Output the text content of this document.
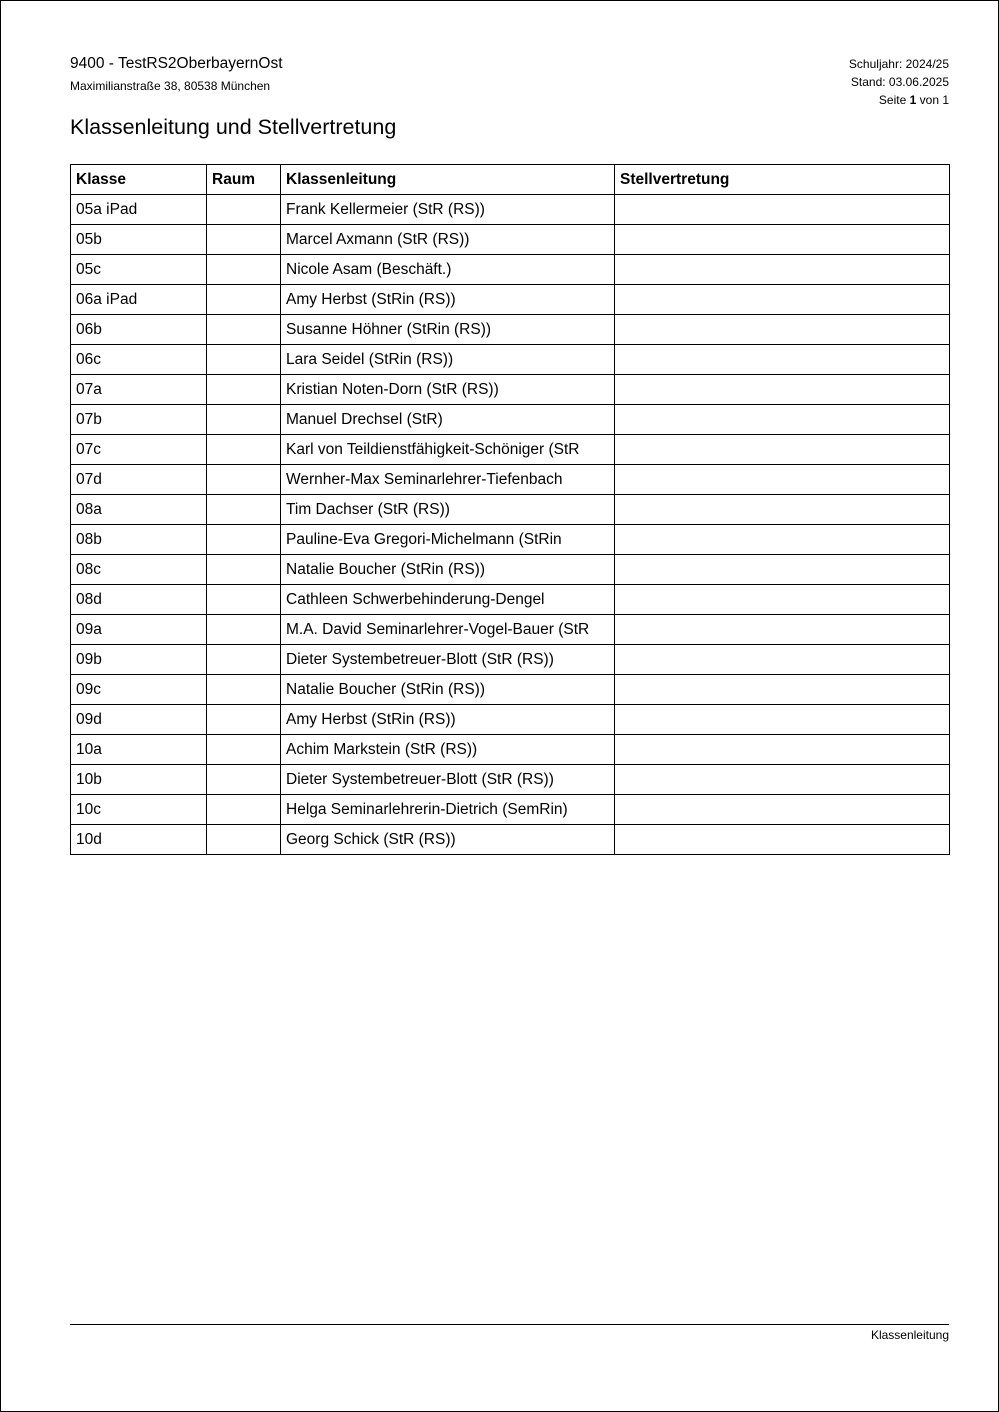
9400 - TestRS2OberbayernOst
Maximilianstraße 38, 80538 München
Schuljahr: 2024/25
Stand: 03.06.2025
Seite 1 von 1
Klassenleitung und Stellvertretung
Klasse	Raum	Klassenleitung	Stellvertretung
05a iPad		Frank Kellermeier (StR (RS))	
05b		Marcel Axmann (StR (RS))	
05c		Nicole Asam (Beschäft.)	
06a iPad		Amy Herbst (StRin (RS))	
06b		Susanne Höhner (StRin (RS))	
06c		Lara Seidel (StRin (RS))	
07a		Kristian Noten-Dorn (StR (RS))	
07b		Manuel Drechsel (StR)	
07c		Karl von Teildienstfähigkeit-Schöniger (StR	
07d		Wernher-Max Seminarlehrer-Tiefenbach	
08a		Tim Dachser (StR (RS))	
08b		Pauline-Eva Gregori-Michelmann (StRin	
08c		Natalie Boucher (StRin (RS))	
08d		Cathleen Schwerbehinderung-Dengel	
09a		M.A. David Seminarlehrer-Vogel-Bauer (StR	
09b		Dieter Systembetreuer-Blott (StR (RS))	
09c		Natalie Boucher (StRin (RS))	
09d		Amy Herbst (StRin (RS))	
10a		Achim Markstein (StR (RS))	
10b		Dieter Systembetreuer-Blott (StR (RS))	
10c		Helga Seminarlehrerin-Dietrich (SemRin)	
10d		Georg Schick (StR (RS))	
Klassenleitung
